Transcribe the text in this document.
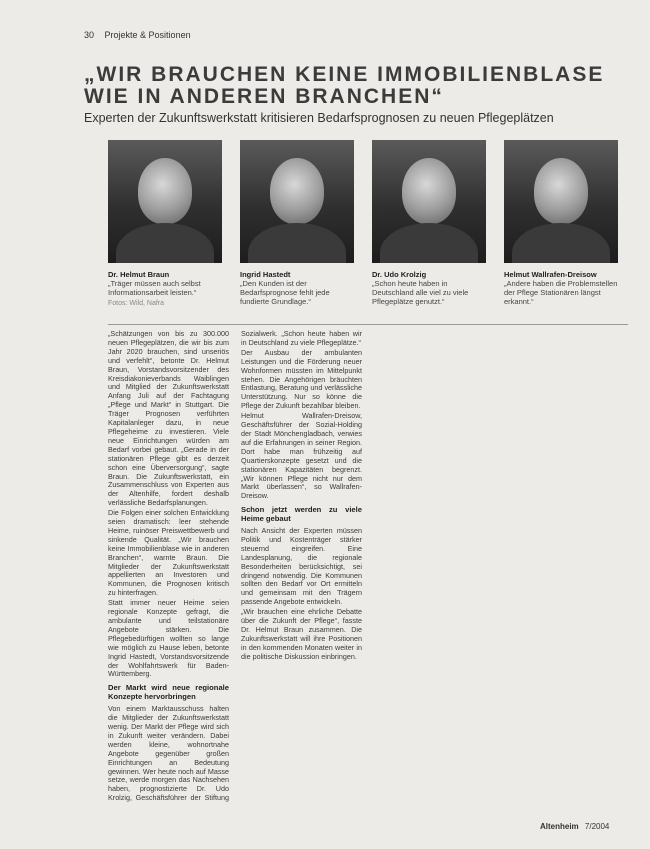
30 Projekte & Positionen
„WIR BRAUCHEN KEINE IMMOBILIENBLASE WIE IN ANDEREN BRANCHEN“

Experten der Zukunftswerkstatt kritisieren Bedarfsprognosen zu neuen Pflegeplätzen

Dr. Helmut Braun
„Träger müssen auch selbst Informationsarbeit leisten.“
Fotos: Wild, Nafra
Ingrid Hastedt
„Den Kunden ist der Bedarfsprognose fehlt jede fundierte Grundlage.“
Dr. Udo Krolzig
„Schon heute haben in Deutschland alle viel zu viele Pflegeplätze genutzt.“
Helmut Wallrafen-Dreisow
„Andere haben die Problemstellen der Pflege Stationären längst erkannt.“

„Schätzungen von bis zu 300.000 neuen Pflegeplätzen, die wir bis zum Jahr 2020 brauchen, sind unseriös und verfehlt“, betonte Dr. Helmut Braun, Vorstandsvorsitzender des Kreisdiakonieverbands Waiblingen und Mitglied der Zukunftswerkstatt Anfang Juli auf der Fachtagung „Pflege und Markt“ in Stuttgart. Die Träger Prognosen verführten Kapitalanleger dazu, in neue Pflegeheime zu investieren. Viele neue Einrichtungen würden am Bedarf vorbei gebaut. „Gerade in der stationären Pflege gibt es derzeit schon eine Überversorgung“, sagte Braun. Die Zukunftswerkstatt, ein Zusammenschluss von Experten aus der Altenhilfe, fordert deshalb verlässliche Bedarfsplanungen.

Die Folgen einer solchen Entwicklung seien dramatisch: leer stehende Heime, ruinöser Preiswettbewerb und sinkende Qualität. „Wir brauchen keine Immobilienblase wie in anderen Branchen“, warnte Braun. Die Mitglieder der Zukunftswerkstatt appellierten an Investoren und Kommunen, die Prognosen kritisch zu hinterfragen.

Statt immer neuer Heime seien regionale Konzepte gefragt, die ambulante und teilstationäre Angebote stärken. Die Pflegebedürftigen wollten so lange wie möglich zu Hause leben, betonte Ingrid Hastedt, Vorstandsvorsitzende der Wohlfahrtswerk für Baden-Württemberg.

Der Markt wird neue regionale Konzepte hervorbringen

Von einem Marktausschuss halten die Mitglieder der Zukunftswerkstatt wenig. Der Markt der Pflege wird sich in Zukunft weiter verändern. Dabei werden kleine, wohnortnahe Angebote gegenüber großen Einrichtungen an Bedeutung gewinnen. Wer heute noch auf Masse setze, werde morgen das Nachsehen haben, prognostizierte Dr. Udo Krolzig, Geschäftsführer der Stiftung Sozialwerk. „Schon heute haben wir in Deutschland zu viele Pflegeplätze.“

Der Ausbau der ambulanten Leistungen und die Förderung neuer Wohnformen müssten im Mittelpunkt stehen. Die Angehörigen bräuchten Entlastung, Beratung und verlässliche Unterstützung. Nur so könne die Pflege der Zukunft bezahlbar bleiben.

Helmut Wallrafen-Dreisow, Geschäftsführer der Sozial-Holding der Stadt Mönchengladbach, verwies auf die Erfahrungen in seiner Region. Dort habe man frühzeitig auf Quartierskonzepte gesetzt und die stationären Kapazitäten begrenzt. „Wir können Pflege nicht nur dem Markt überlassen“, so Wallrafen-Dreisow.

Schon jetzt werden zu viele Heime gebaut

Nach Ansicht der Experten müssen Politik und Kostenträger stärker steuernd eingreifen. Eine Landesplanung, die regionale Besonderheiten berücksichtigt, sei dringend notwendig. Die Kommunen sollten den Bedarf vor Ort ermitteln und gemeinsam mit den Trägern passende Angebote entwickeln.

„Wir brauchen eine ehrliche Debatte über die Zukunft der Pflege“, fasste Dr. Helmut Braun zusammen. Die Zukunftswerkstatt will ihre Positionen in den kommenden Monaten weiter in die politische Diskussion einbringen.

Altenheim 7/2004
